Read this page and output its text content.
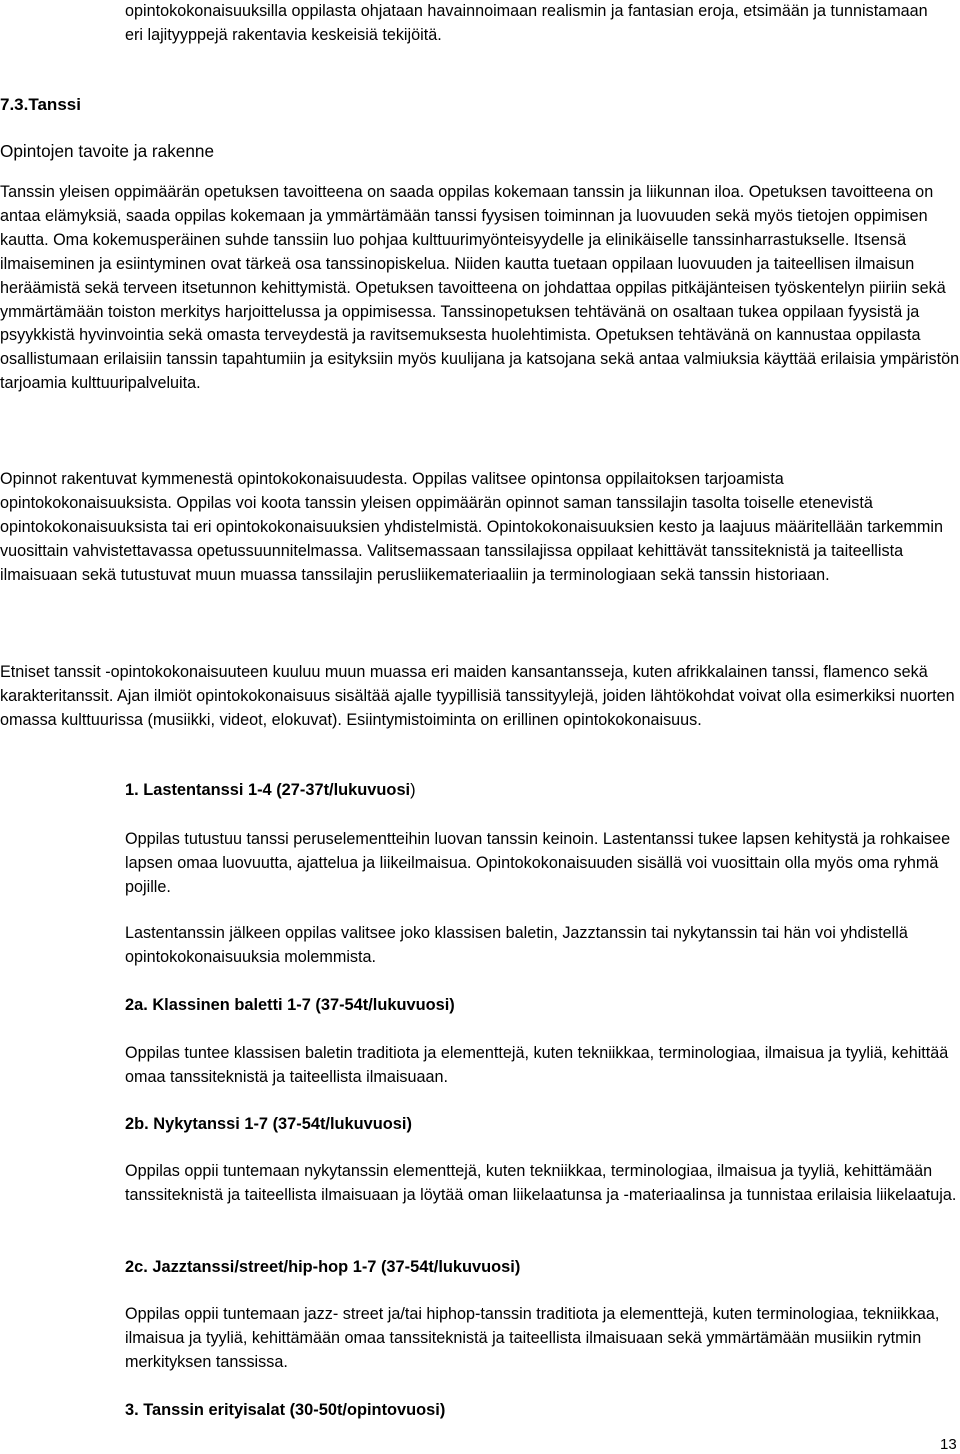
opintokokonaisuuksilla oppilasta ohjataan havainnoimaan realismin ja fantasian eroja, etsimään ja tunnistamaan eri lajityyppejä rakentavia keskeisiä tekijöitä.

7.3.Tanssi
Opintojen tavoite ja rakenne

Tanssin yleisen oppimäärän opetuksen tavoitteena on saada oppilas kokemaan tanssin ja liikunnan iloa. Opetuksen tavoitteena on antaa elämyksiä, saada oppilas kokemaan ja ymmärtämään tanssi fyysisen toiminnan ja luovuuden sekä myös tietojen oppimisen kautta. Oma kokemusperäinen suhde tanssiin luo pohjaa kulttuurimyönteisyydelle ja elinikäiselle tanssinharrastukselle. Itsensä ilmaiseminen ja esiintyminen ovat tärkeä osa tanssinopiskelua. Niiden kautta tuetaan oppilaan luovuuden ja taiteellisen ilmaisun heräämistä sekä terveen itsetunnon kehittymistä. Opetuksen tavoitteena on johdattaa oppilas pitkäjänteisen työskentelyn piiriin sekä ymmärtämään toiston merkitys harjoittelussa ja oppimisessa. Tanssinopetuksen tehtävänä on osaltaan tukea oppilaan fyysistä ja psyykkistä hyvinvointia sekä omasta terveydestä ja ravitsemuksesta huolehtimista. Opetuksen tehtävänä on kannustaa oppilasta osallistumaan erilaisiin tanssin tapahtumiin ja esityksiin myös kuulijana ja katsojana sekä antaa valmiuksia käyttää erilaisia ympäristön tarjoamia kulttuuripalveluita.

Opinnot rakentuvat kymmenestä opintokokonaisuudesta. Oppilas valitsee opintonsa oppilaitoksen tarjoamista opintokokonaisuuksista. Oppilas voi koota tanssin yleisen oppimäärän opinnot saman tanssilajin tasolta toiselle etenevistä opintokokonaisuuksista tai eri opintokokonaisuuksien yhdistelmistä. Opintokokonaisuuksien kesto ja laajuus määritellään tarkemmin vuosittain vahvistettavassa opetussuunnitelmassa. Valitsemassaan tanssilajissa oppilaat kehittävät tanssiteknistä ja taiteellista ilmaisuaan sekä tutustuvat muun muassa tanssilajin perusliikemateriaaliin ja terminologiaan sekä tanssin historiaan.

Etniset tanssit -opintokokonaisuuteen kuuluu muun muassa eri maiden kansantansseja, kuten afrikkalainen tanssi, flamenco sekä karakteritanssit. Ajan ilmiöt opintokokonaisuus sisältää ajalle tyypillisiä tanssityylejä, joiden lähtökohdat voivat olla esimerkiksi nuorten omassa kulttuurissa (musiikki, videot, elokuvat). Esiintymistoiminta on erillinen opintokokonaisuus.

1. Lastentanssi 1-4 (27-37t/lukuvuosi)

Oppilas tutustuu tanssi peruselementteihin luovan tanssin keinoin. Lastentanssi tukee lapsen kehitystä ja rohkaisee lapsen omaa luovuutta, ajattelua ja liikeilmaisua. Opintokokonaisuuden sisällä voi vuosittain olla myös oma ryhmä pojille.

Lastentanssin jälkeen oppilas valitsee joko klassisen baletin, Jazztanssin tai nykytanssin tai hän voi yhdistellä opintokokonaisuuksia molemmista.

2a. Klassinen baletti 1-7 (37-54t/lukuvuosi)

Oppilas tuntee klassisen baletin traditiota ja elementtejä, kuten tekniikkaa, terminologiaa, ilmaisua ja tyyliä, kehittää omaa tanssiteknistä ja taiteellista ilmaisuaan.

2b. Nykytanssi 1-7 (37-54t/lukuvuosi)

Oppilas oppii tuntemaan nykytanssin elementtejä, kuten tekniikkaa, terminologiaa, ilmaisua ja tyyliä, kehittämään tanssiteknistä ja taiteellista ilmaisuaan ja löytää oman liikelaatunsa ja -materiaalinsa ja tunnistaa erilaisia liikelaatuja.

2c. Jazztanssi/street/hip-hop 1-7 (37-54t/lukuvuosi)

Oppilas oppii tuntemaan jazz- street ja/tai hiphop-tanssin traditiota ja elementtejä, kuten terminologiaa, tekniikkaa, ilmaisua ja tyyliä, kehittämään omaa tanssiteknistä ja taiteellista ilmaisuaan sekä ymmärtämään musiikin rytmin merkityksen tanssissa.

3. Tanssin erityisalat (30-50t/opintovuosi)

13
